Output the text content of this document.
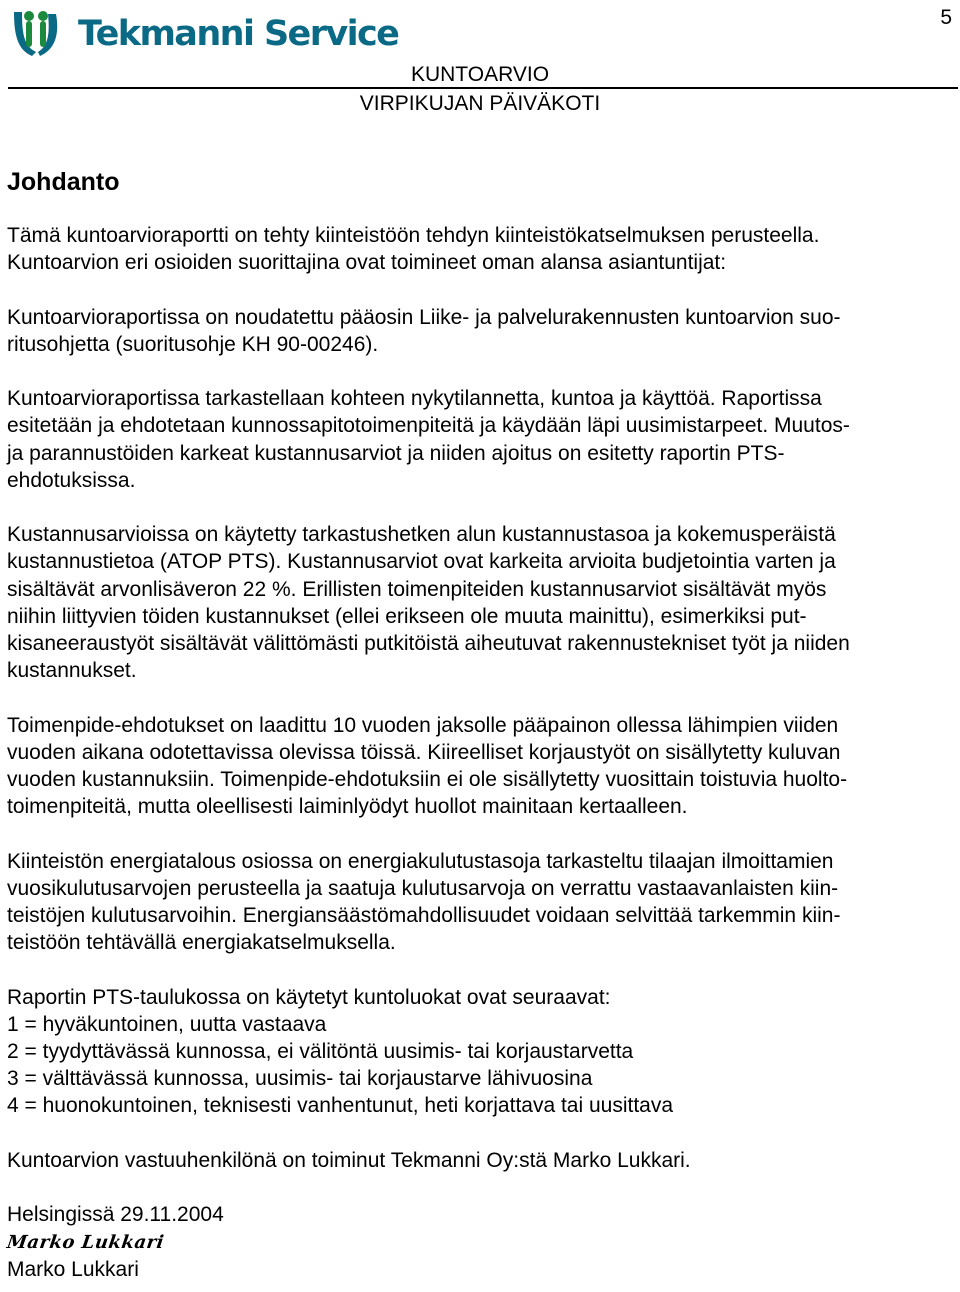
5
Tekmanni Service
KUNTOARVIO
VIRPIKUJAN PÄIVÄKOTI
Johdanto
Tämä kuntoarvioraportti on tehty kiinteistöön tehdyn kiinteistökatselmuksen perusteella.
Kuntoarvion eri osioiden suorittajina ovat toimineet oman alansa asiantuntijat:
Kuntoarvioraportissa on noudatettu pääosin Liike- ja palvelurakennusten kuntoarvion suo-
ritusohjetta (suoritusohje KH 90-00246).
Kuntoarvioraportissa tarkastellaan kohteen nykytilannetta, kuntoa ja käyttöä. Raportissa
esitetään ja ehdotetaan kunnossapitotoimenpiteitä ja käydään läpi uusimistarpeet. Muutos-
ja parannustöiden karkeat kustannusarviot ja niiden ajoitus on esitetty raportin PTS-
ehdotuksissa.
Kustannusarvioissa on käytetty tarkastushetken alun kustannustasoa ja kokemusperäistä
kustannustietoa (ATOP PTS). Kustannusarviot ovat karkeita arvioita budjetointia varten ja
sisältävät arvonlisäveron 22 %. Erillisten toimenpiteiden kustannusarviot sisältävät myös
niihin liittyvien töiden kustannukset (ellei erikseen ole muuta mainittu), esimerkiksi put-
kisaneeraustyöt sisältävät välittömästi putkitöistä aiheutuvat rakennustekniset työt ja niiden
kustannukset.
Toimenpide-ehdotukset on laadittu 10 vuoden jaksolle pääpainon ollessa lähimpien viiden
vuoden aikana odotettavissa olevissa töissä. Kiireelliset korjaustyöt on sisällytetty kuluvan
vuoden kustannuksiin. Toimenpide-ehdotuksiin ei ole sisällytetty vuosittain toistuvia huolto-
toimenpiteitä, mutta oleellisesti laiminlyödyt huollot mainitaan kertaalleen.
Kiinteistön energiatalous osiossa on energiakulutustasoja tarkasteltu tilaajan ilmoittamien
vuosikulutusarvojen perusteella ja saatuja kulutusarvoja on verrattu vastaavanlaisten kiin-
teistöjen kulutusarvoihin. Energiansäästömahdollisuudet voidaan selvittää tarkemmin kiin-
teistöön tehtävällä energiakatselmuksella.
Raportin PTS-taulukossa on käytetyt kuntoluokat ovat seuraavat:
1 = hyväkuntoinen, uutta vastaava
2 = tyydyttävässä kunnossa, ei välitöntä uusimis- tai korjaustarvetta
3 = välttävässä kunnossa, uusimis- tai korjaustarve lähivuosina
4 = huonokuntoinen, teknisesti vanhentunut, heti korjattava tai uusittava
Kuntoarvion vastuuhenkilönä on toiminut Tekmanni Oy:stä Marko Lukkari.
Helsingissä 29.11.2004
Marko Lukkari
Marko Lukkari
